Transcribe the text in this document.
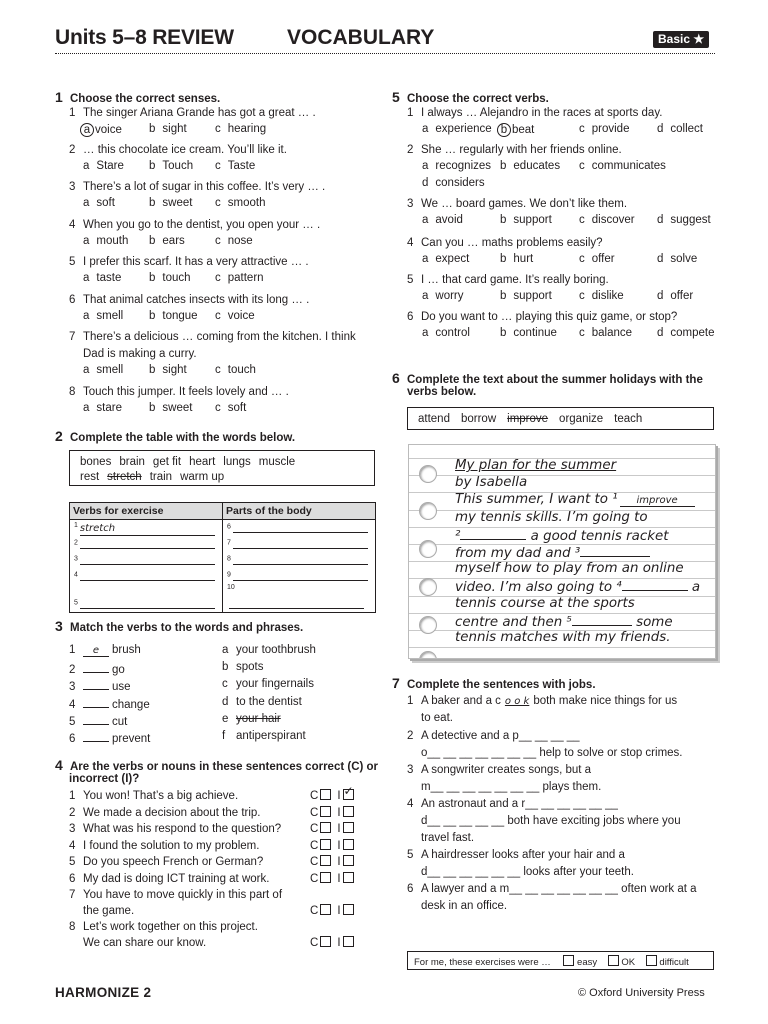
Units 5–8 REVIEW	VOCABULARY	Basic ★
1 Choose the correct senses.
1 The singer Ariana Grande has got a great … .
a voice b sight c hearing
2 … this chocolate ice cream. You’ll like it.
a Stare b Touch c Taste
3 There’s a lot of sugar in this coffee. It’s very … .
a soft	b sweet c smooth
4 When you go to the dentist, you open your … .
a mouth b ears	c nose
5 I prefer this scarf. It has a very attractive … .
a taste b touch c pattern
6 That animal catches insects with its long … .
a smell b tongue c voice
7 There’s a delicious … coming from the kitchen. I think
Dad is making a curry.
a smell b sight c touch
8 Touch this jumper. It feels lovely and … .
a stare b sweet c soft
2 Complete the table with the words below.
bones brain get fit heart lungs muscle
rest stretch train warm up
Verbs for exercise	Parts of the body
$^1$ stretch	$^6$
$^2$	$^7$
$^3$	$^8$
$^4$	$^9$
$^5$	$^{10}$
3 Match the verbs to the words and phrases.
1 e brush	a your toothbrush
2	go	b spots
3	use	c your fingernails
4	change	d to the dentist
5	cut	e your hair
6	prevent	f antiperspirant
4 Are the verbs or nouns in these sentences correct (C) or
incorrect (I)?
1 You won! That’s a big achieve.	C I✓
2 We made a decision about the trip.	C I
3 What was his respond to the question?	C I
4 I found the solution to my problem.	C I
5 Do you speech French or German?	C I
6 My dad is doing ICT training at work.	C I
7 You have to move quickly in this part of
the game.	C I
8 Let’s work together on this project.
We can share our know.	C I
5 Choose the correct verbs.
1 I always … Alejandro in the races at sports day.
a experience b beat	c provide d collect
2 She … regularly with her friends online.
a recognizes b educates c communicates
d considers
3 We … board games. We don’t like them.
a avoid	b support c discover d suggest
4 Can you … maths problems easily?
a expect	b hurt	c offer	d solve
5 I … that card game. It’s really boring.
a worry	b support c dislike	d offer
6 Do you want to … playing this quiz game, or stop?
a control	b continue c balance d compete
6 Complete the text about the summer holidays with the
verbs below.
attend borrow improve organize teach
My plan for the summer
by Isabella
This summer, I want to ¹ improve
my tennis skills. I’m going to
²	a good tennis racket
from my dad and ³
myself how to play from an online
video. I’m also going to ⁴	a
tennis course at the sports
centre and then ⁵	some
tennis matches with my friends.
7 Complete the sentences with jobs.
1 A baker and a c o o k both make nice things for us
to eat.
2 A detective and a p__ __ __ __
o__ __ __ __ __ __ __ help to solve or stop crimes.
3 A songwriter creates songs, but a
m__ __ __ __ __ __ __ plays them.
4 An astronaut and a r__ __ __ __ __ __
d__ __ __ __ __ both have exciting jobs where you
travel fast.
5 A hairdresser looks after your hair and a
d__ __ __ __ __ __ looks after your teeth.
6 A lawyer and a m__ __ __ __ __ __ __ often work at a
desk in an office.
For me, these exercises were …	easy	OK	difficult
HARMONIZE 2	© Oxford University Press
